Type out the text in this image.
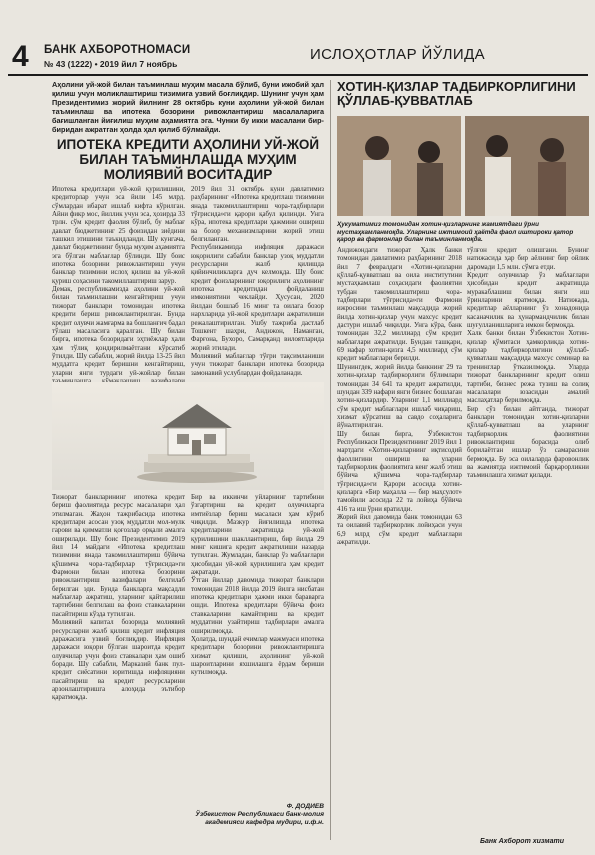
4 БАНК АХБОРОТНОМАСИ
№ 43 (1222) • 2019 йил 7 ноябрь
ИСЛОҲОТЛАР ЙЎЛИДА
Аҳолини уй-жой билан таъминлаш муҳим масала бўлиб, буни ижобий ҳал қилиш учун моликлаштириш тизимига узвий боғлиқдир. Шунинг учун ҳам Президентимиз жорий йилнинг 28 октябрь куни аҳолини уй-жой билан таъминлаш ва ипотека бозорини ривожлантириш масалаларига бағишланган йиғилиш муҳим аҳамиятга эга. Чунки бу икки масалани бир-биридан ажратган ҳолда ҳал қилиб бўлмайди.
ИПОТЕКА КРЕДИТИ АҲОЛИНИ УЙ-ЖОЙ БИЛАН ТАЪМИНЛАШДА МУҲИМ МОЛИЯВИЙ ВОСИТАДИР
Ипотека кредитлари уй-жой қурилишини, кредиторлар учун эса йили 145 млрд. сўмлардан ибарат ишлаб кифта кўрилган. Айни фикр мос, йиллик учун эса, ҳозирда 33 трлн. сўм кредит фаолия бўлиб, бу маблағ давлат бюджетининг 25 фоизидан зиёдини ташкил этишини таъкидланди. Шу кунгача, давлат бюджетининг бунда муҳим аҳамиятга эга бўлган маблағлар бўлинди. Шу боис ипотека бозорини ривожлантириш учун банклар тизимини ислоҳ қилиш ва уй-жой қуриш соҳасини такомиллаштириш зарур.
Демак, республикамизда аҳолини уй-жой билан таъминлашни кенгайтириш учун тижорат банклари томонидан ипотека кредити бериш ривожлантирилган. Бунда кредит олувчи жамғарма ва бошланғич бадал тўлаш масаласига қаралган. Шу билан бирга, ипотека бозоридаги эҳтиёжлар ҳали ҳам тўлиқ қондирилмаётгани кўрсатиб ўтилди. Шу сабабли, жорий йилда 13-25 йил муддатга кредит беришни кенгайтириш, уларни янги турдаги уй-жойлар билан
2019 йил 31 октябрь куни давлатимиз раҳбарининг «Ипотека кредитлаш тизимини янада такомиллаштириш чора-тадбирлари тўғрисида»ги қарори қабул қилинди. Унга кўра, ипотека кредитлари ҳажмини ошириш ва бозор механизмларини жорий этиш белгиланган.
Республикамизда инфляция даражаси юқорилиги сабабли банклар узоқ муддатли ресурсларни жалб қилишда қийинчиликларга дуч келмоқда. Шу боис кредит фоизларининг юқорилиги аҳолининг ипотека кредитидан фойдаланиш имкониятини чеклайди. Ҳусусан, 2020 йилдан бошлаб 16 минг та оилага бозор нархларида уй-жой кредитлари ажратилиши режалаштирилган. Ушбу тажриба дастлаб Тошкент шаҳри, Андижон, Наманган, Фарғона, Бухоро, Самарқанд вилоятларида жорий этилади.
Молиявий маблағлар тўғри тақсимланиши учун тижорат банклари ипотека бозорида замонавий услублардан фойдаланади.
Тижорат банкларининг ипотека кредит бериш фаолиятида ресурс масалалари ҳал этилмаган. Жаҳон тажрибасида ипотека кредитлари асосан узоқ муддатли мол-мулк гарови ва қимматли қоғозлар орқали амалга оширилади. Шу боис Президентимиз 2019 йил 14 майдаги «Ипотека кредитлаш тизимини янада такомиллаштириш бўйича қўшимча чора-тадбирлар тўғрисида»ги Фармони билан ипотека бозорини ривожлантириш вазифалари белгилаб берилган эди. Бунда банкларга мақсадли маблағлар ажратиш, уларнинг қайтарилиш тартибини белгилаш ва фоиз ставкаларини пасайтириш кўзда тутилган.
Молиявий капитал бозорида молиявий ресурсларни жалб қилиш кредит инфляция даражасига узвий боғлиқдир. Инфляция даражаси юқори бўлган шароитда кредит олувчилар учун фоиз ставкалари ҳам ошиб боради. Шу сабабли, Марказий банк пул-кредит сиёсатини юритишда инфляцияни пасайтириш ва кредит ресурсларини арзонлаштиришга алоҳида эътибор қаратмоқда.
Бир ва иккинчи уйларнинг тартибини ўзгартириш ва кредит олувчиларга имтиёзлар бериш масаласи ҳам кўриб чиқилди. Мазкур йиғилишда ипотека кредитларини ажратишда уй-жой қурилишини шакллантириш, бир йилда 29 минг кишига кредит ажратилиши назарда тутилган. Жумладан, банклар ўз маблағлари ҳисобидан уй-жой қурилишига ҳам кредит ажратади.
Ўтган йиллар давомида тижорат банклари томонидан 2018 йилда 2019 йилга нисбатан ипотека кредитлари ҳажми икки бараварга ошди. Ипотека кредитлари бўйича фоиз ставкаларини камайтириш ва кредит муддатини узайтириш тадбирлари амалга оширилмоқда.
Ҳолатда, шундай ечимлар мажмуаси ипотека кредитлари бозорини ривожлантиришга хизмат қилиши, аҳолининг уй-жой шароитларини яхшилашга ёрдам бериши кутилмоқда.
Ф. ДОДИЕВ
Ўзбекистон Республикаси банк-молия академияси кафедра мудири, и.ф.н.
ХОТИН-ҚИЗЛАР ТАДБИРКОРЛИГИНИ ҚЎЛЛАБ-ҚУВВАТЛАБ
Ҳукуматимиз томонидан хотин-қизларнинг жамиятдаги ўрни мустаҳкамланмоқда. Уларнинг ижтимоий ҳаётда фаол иштироки қатор қарор ва фармонлар билан таъминланмоқда.
Андижондаги тижорат Ҳалк банки томонидан давлатимиз раҳбарининг 2018 йил 7 февралдаги «Хотин-қизларни қўллаб-қувватлаш ва оила институтини мустаҳкамлаш соҳасидаги фаолиятни тубдан такомиллаштириш чора-тадбирлари тўғрисида»ги Фармони ижросини таъминлаш мақсадида жорий йилда хотин-қизлар учун махсус кредит дастури ишлаб чиқилди. Унга кўра, банк томонидан 32,2 миллиард сўм кредит маблағлари ажратилди. Бундан ташқари, 69 нафар хотин-қизга 4,5 миллиард сўм кредит маблағлари берилди.
Шунингдек, жорий йилда банкнинг 29 та хотин-қизлар тадбиркорлиги бўлимлари томонидан 34 641 та кредит ажратилди, шундан 339 нафари янги бизнес бошлаган хотин-қизлардир. Уларнинг 1,1 миллиард сўм кредит маблағлари ишлаб чиқариш, хизмат кўрсатиш ва савдо соҳаларига йўналтирилган.
Шу билан бирга, Ўзбекистон Республикаси Президентининг 2019 йил 1 мартдаги «Хотин-қизларнинг иқтисодий фаоллигини ошириш ва уларни тадбиркорлик фаолиятига кенг жалб этиш бўйича қўшимча чора-тадбирлар тўғрисида»ги Қарори асосида хотин-қизларга «Бир маҳалла — бир маҳсулот» тамойили асосида 22 та лойиҳа бўйича 416 та иш ўрни яратилди.
Жорий йил давомида банк томонидан 63 та оилавий тадбиркорлик лойиҳаси учун 6,9 млрд сўм кредит маблағлари ажратилди.
тўлғон кредит олишгани. Бунинг натижасида ҳар бир аёлнинг бир ойлик даромади 1,5 млн. сўмга етди.
Кредит олувчилар ўз маблағлари ҳисобидан кредит ажратишда муракаблашиш билан янги иш ўринларини яратмоқда. Натижада, кредитлар аёлларнинг ўз хонадонида касаначилик ва ҳунармандчилик билан шуғулланишларига имкон бермоқда.
Халк банки билан Ўзбекистон Хотин-қизлар қўмитаси ҳамкорликда хотин-қизлар тадбиркорлигини қўллаб-қувватлаш мақсадида махсус семинар ва тренинглар ўтказилмоқда. Уларда тижорат банкларининг кредит олиш тартиби, бизнес режа тузиш ва солиқ масалалари юзасидан амалий маслаҳатлар берилмоқда.
Бир сўз билан айтганда, тижорат банклари томонидан хотин-қизларни қўллаб-қувватлаш ва уларнинг тадбиркорлик фаолиятини ривожлантириш борасида олиб борилаётган ишлар ўз самарасини бермоқда. Бу эса оилаларда фаровонлик ва жамиятда ижтимоий барқарорликни таъминлашга хизмат қилади.
Банк Ахборот хизмати
